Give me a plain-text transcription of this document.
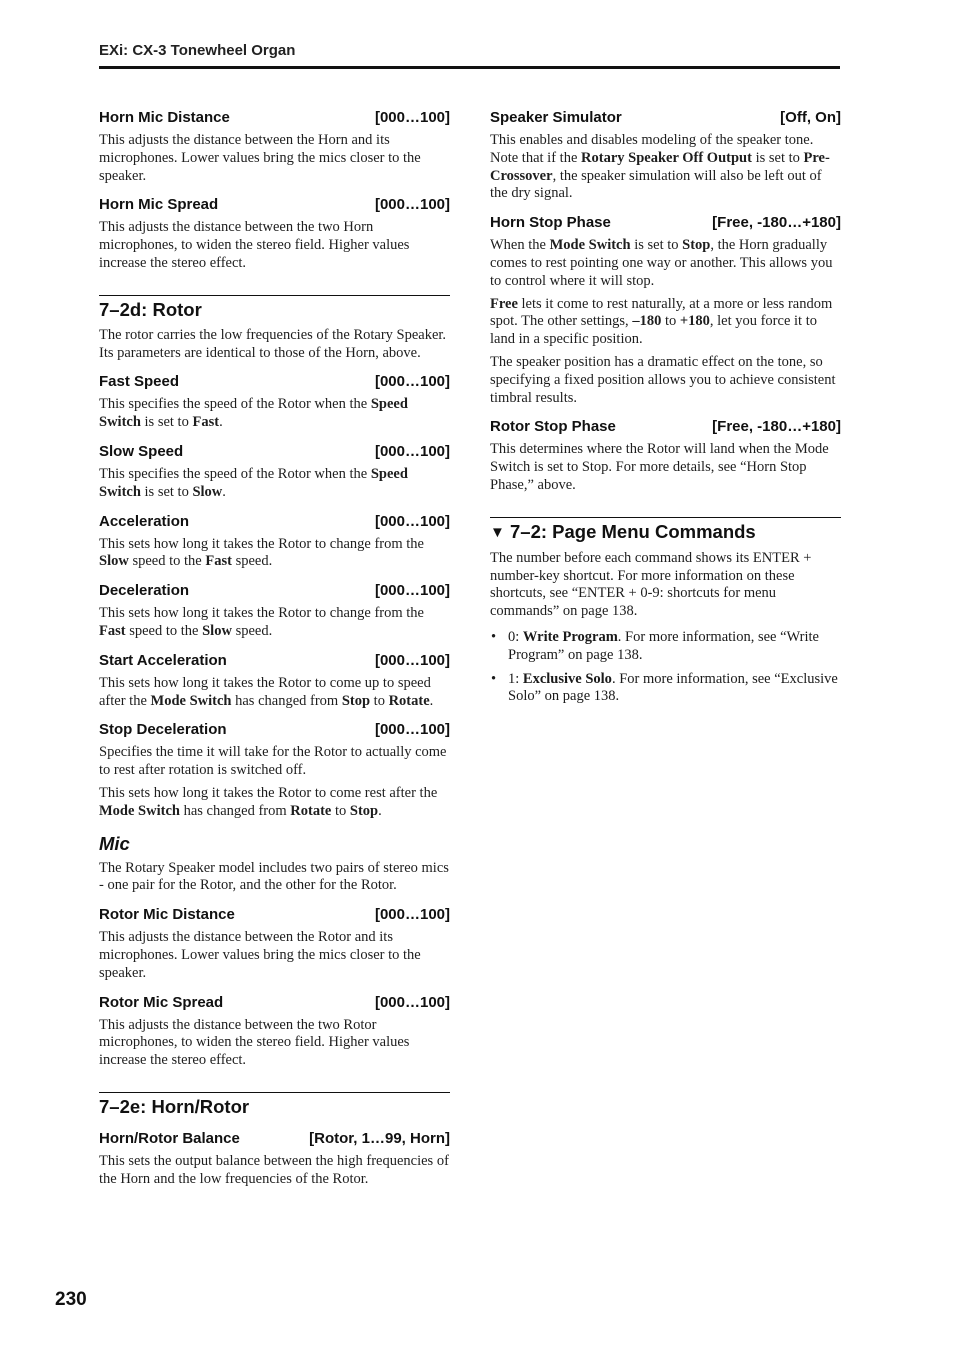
EXi: CX-3 Tonewheel Organ
Horn Mic Distance	[000…100]

This adjusts the distance between the Horn and its microphones. Lower values bring the mics closer to the speaker.

Horn Mic Spread	[000…100]

This adjusts the distance between the two Horn microphones, to widen the stereo field. Higher values increase the stereo effect.

7–2d: Rotor

The rotor carries the low frequencies of the Rotary Speaker. Its parameters are identical to those of the Horn, above.

Fast Speed	[000…100]

This specifies the speed of the Rotor when the Speed Switch is set to Fast.

Slow Speed	[000…100]

This specifies the speed of the Rotor when the Speed Switch is set to Slow.

Acceleration	[000…100]

This sets how long it takes the Rotor to change from the Slow speed to the Fast speed.

Deceleration	[000…100]

This sets how long it takes the Rotor to change from the Fast speed to the Slow speed.

Start Acceleration	[000…100]

This sets how long it takes the Rotor to come up to speed after the Mode Switch has changed from Stop to Rotate.

Stop Deceleration	[000…100]

Specifies the time it will take for the Rotor to actually come to rest after rotation is switched off.

This sets how long it takes the Rotor to come rest after the Mode Switch has changed from Rotate to Stop.

Mic

The Rotary Speaker model includes two pairs of stereo mics - one pair for the Rotor, and the other for the Rotor.

Rotor Mic Distance	[000…100]

This adjusts the distance between the Rotor and its microphones. Lower values bring the mics closer to the speaker.

Rotor Mic Spread	[000…100]

This adjusts the distance between the two Rotor microphones, to widen the stereo field. Higher values increase the stereo effect.

7–2e: Horn/Rotor
Horn/Rotor Balance	[Rotor, 1…99, Horn]

This sets the output balance between the high frequencies of the Horn and the low frequencies of the Rotor.

Speaker Simulator	[Off, On]

This enables and disables modeling of the speaker tone. Note that if the Rotary Speaker Off Output is set to Pre-Crossover, the speaker simulation will also be left out of the dry signal.

Horn Stop Phase	[Free, -180…+180]

When the Mode Switch is set to Stop, the Horn gradually comes to rest pointing one way or another. This allows you to control where it will stop.

Free lets it come to rest naturally, at a more or less random spot. The other settings, –180 to +180, let you force it to land in a specific position.

The speaker position has a dramatic effect on the tone, so specifying a fixed position allows you to achieve consistent timbral results.

Rotor Stop Phase	[Free, -180…+180]

This determines where the Rotor will land when the Mode Switch is set to Stop. For more details, see “Horn Stop Phase,” above.

▼ 7–2: Page Menu Commands

The number before each command shows its ENTER + number-key shortcut. For more information on these shortcuts, see “ENTER + 0-9: shortcuts for menu commands” on page 138.

• 0: Write Program. For more information, see “Write Program” on page 138.
• 1: Exclusive Solo. For more information, see “Exclusive Solo” on page 138.
230
